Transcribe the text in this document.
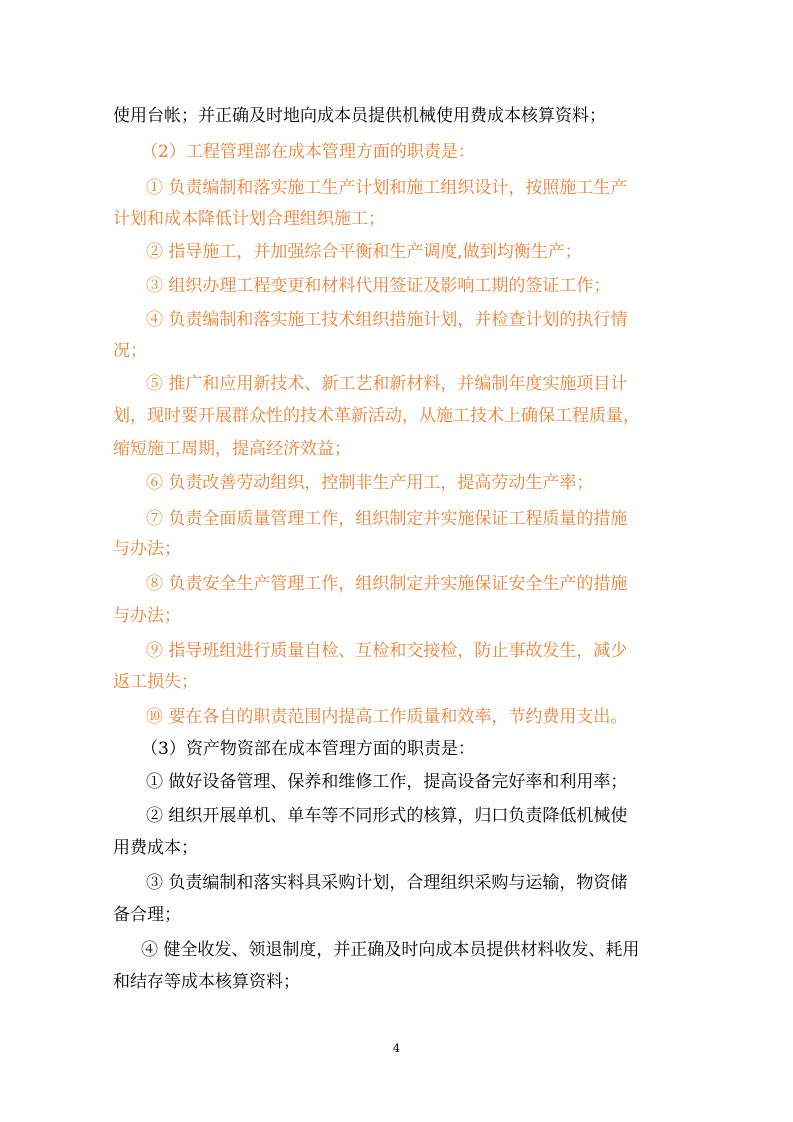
使用台帐；并正确及时地向成本员提供机械使用费成本核算资料；
（2）工程管理部在成本管理方面的职责是：
① 负责编制和落实施工生产计划和施工组织设计，按照施工生产
计划和成本降低计划合理组织施工；
② 指导施工，并加强综合平衡和生产调度,做到均衡生产；
③ 组织办理工程变更和材料代用签证及影响工期的签证工作；
④ 负责编制和落实施工技术组织措施计划，并检查计划的执行情
况；
⑤ 推广和应用新技术、新工艺和新材料，并编制年度实施项目计
划，现时要开展群众性的技术革新活动，从施工技术上确保工程质量，
缩短施工周期，提高经济效益；
⑥ 负责改善劳动组织，控制非生产用工，提高劳动生产率；
⑦ 负责全面质量管理工作，组织制定并实施保证工程质量的措施
与办法；
⑧ 负责安全生产管理工作，组织制定并实施保证安全生产的措施
与办法；
⑨ 指导班组进行质量自检、互检和交接检，防止事故发生，减少
返工损失；
⑩ 要在各自的职责范围内提高工作质量和效率，节约费用支出。
（3）资产物资部在成本管理方面的职责是：
① 做好设备管理、保养和维修工作，提高设备完好率和利用率；
② 组织开展单机、单车等不同形式的核算，归口负责降低机械使
用费成本；
③ 负责编制和落实料具采购计划，合理组织采购与运输，物资储
备合理；
④ 健全收发、领退制度，并正确及时向成本员提供材料收发、耗用
和结存等成本核算资料；
4
